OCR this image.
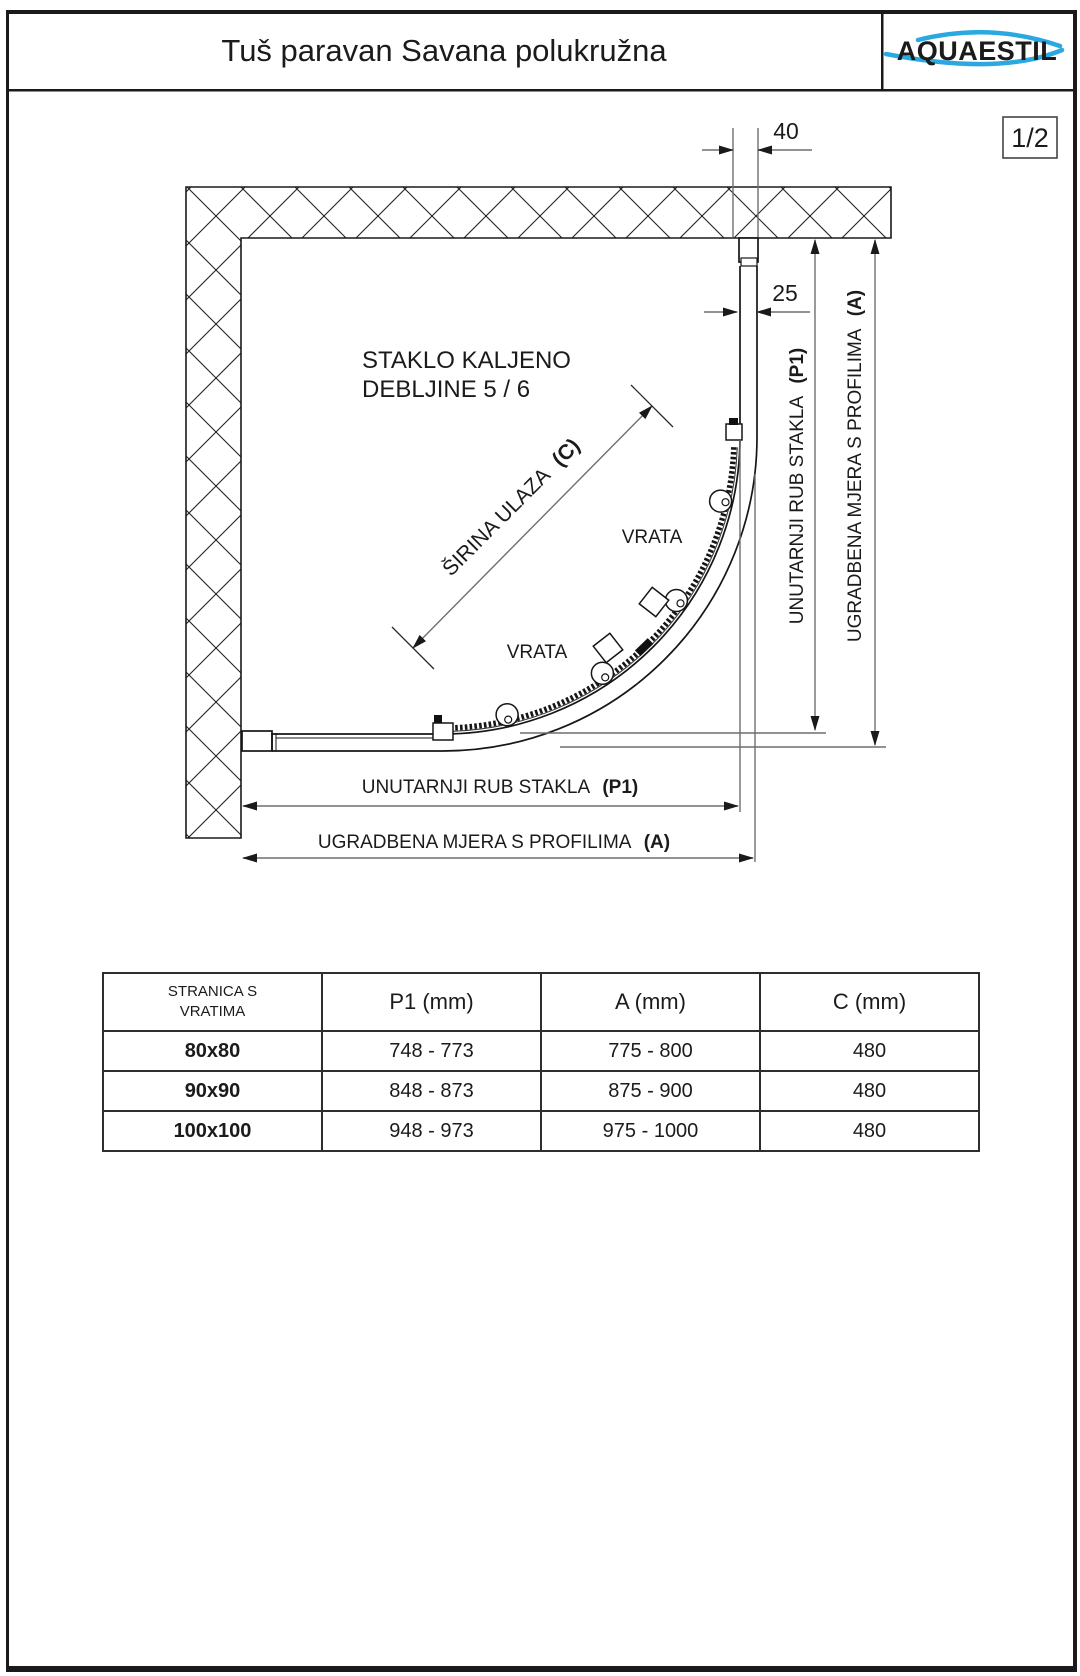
Tuš paravan Savana polukružna	AQUAESTIL
1/2
40
25
STAKLO KALJENO
DEBLJINE 5 / 6
ŠIRINA ULAZA (C)
VRATA
VRATA
UNUTARNJI RUB STAKLA (P1) UGRADBENA MJERA S PROFILIMA (A)
UNUTARNJI RUB STAKLA (P1)
UGRADBENA MJERA S PROFILIMA (A)
STRANICA S VRATIMA	P1 (mm)	A (mm)	C (mm)
80x80	748 - 773	775 - 800	480
90x90	848 - 873	875 - 900	480
100x100	948 - 973	975 - 1000	480
